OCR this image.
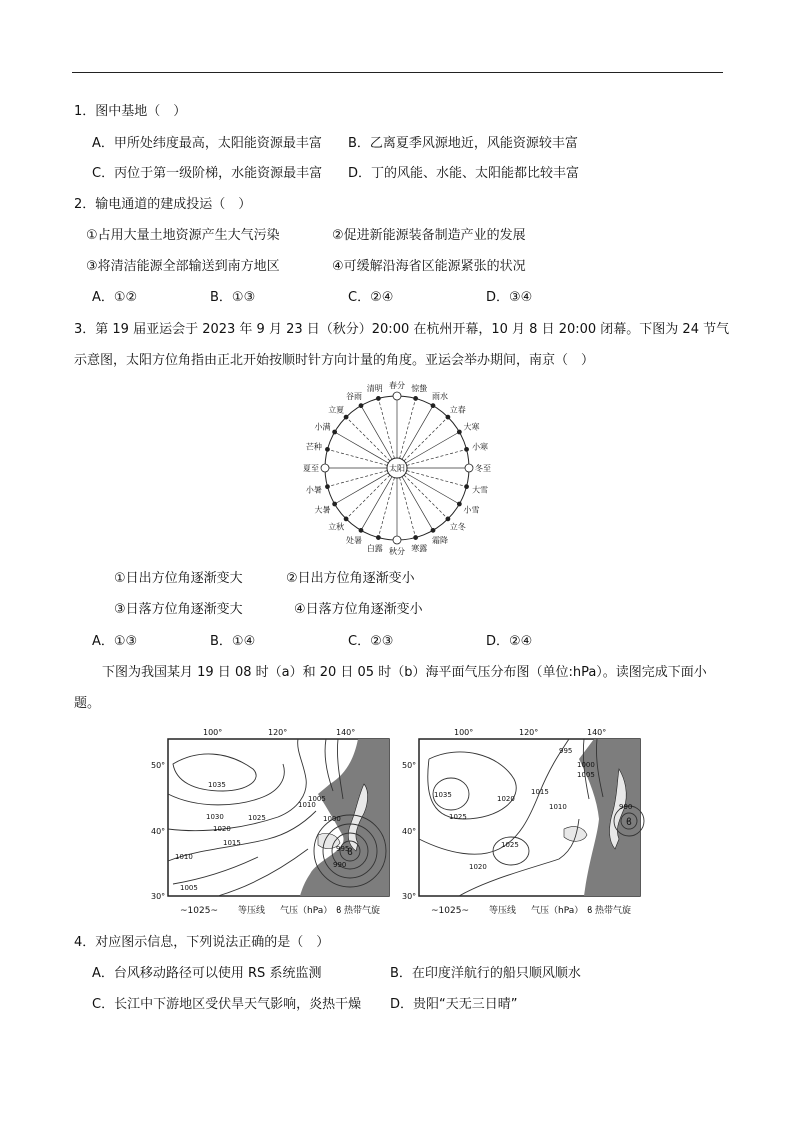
1．图中基地（　）
A．甲所处纬度最高，太阳能资源最丰富 B．乙离夏季风源地近，风能资源较丰富
C．丙位于第一级阶梯，水能资源最丰富 D．丁的风能、水能、太阳能都比较丰富
2．输电通道的建成投运（　）
①占用大量土地资源产生大气污染	②促进新能源装备制造产业的发展
③将清洁能源全部输送到南方地区	④可缓解沿海省区能源紧张的状况
A．①②	B．①③	C．②④	D．③④
3．第 19 届亚运会于 2023 年 9 月 23 日（秋分）20:00 在杭州开幕，10 月 8 日 20:00 闭幕。下图为 24 节气
示意图，太阳方位角指由正北开始按顺时针方向计量的角度。亚运会举办期间，南京（　）
春分 惊蛰
雨水
立春
大寒
小寒
冬至
大雪
小雪
立冬
霜降
寒露
秋分
白露
处暑
立秋
大暑
小暑
夏至
芒种
小满
立夏
谷雨
清明
太阳
①日出方位角逐渐变大	②日出方位角逐渐变小
③日落方位角逐渐变大	④日落方位角逐渐变小
A．①③	B．①④	C．②③	D．②④
下图为我国某月 19 日 08 时（a）和 20 日 05 时（b）海平面气压分布图（单位:hPa）。读图完成下面小
题。
ϐ
ϐ
100°	120°	140°
50°
40°
30°
100°	120°	140°
50°
40°
30°
1035
1030	1025
1020
1015
1010
1005
1010
1005
1000
995
990
995
1000
1005
1015
1010
1035	1020
1025
1025
1020
990
~1025~ 等压线 气压（hPa） ϐ 热带气旋	~1025~ 等压线 气压（hPa） ϐ 热带气旋
4．对应图示信息，下列说法正确的是（　）
A．台风移动路径可以使用 RS 系统监测	B．在印度洋航行的船只顺风顺水
C．长江中下游地区受伏旱天气影响，炎热干燥 D．贵阳“天无三日晴”
